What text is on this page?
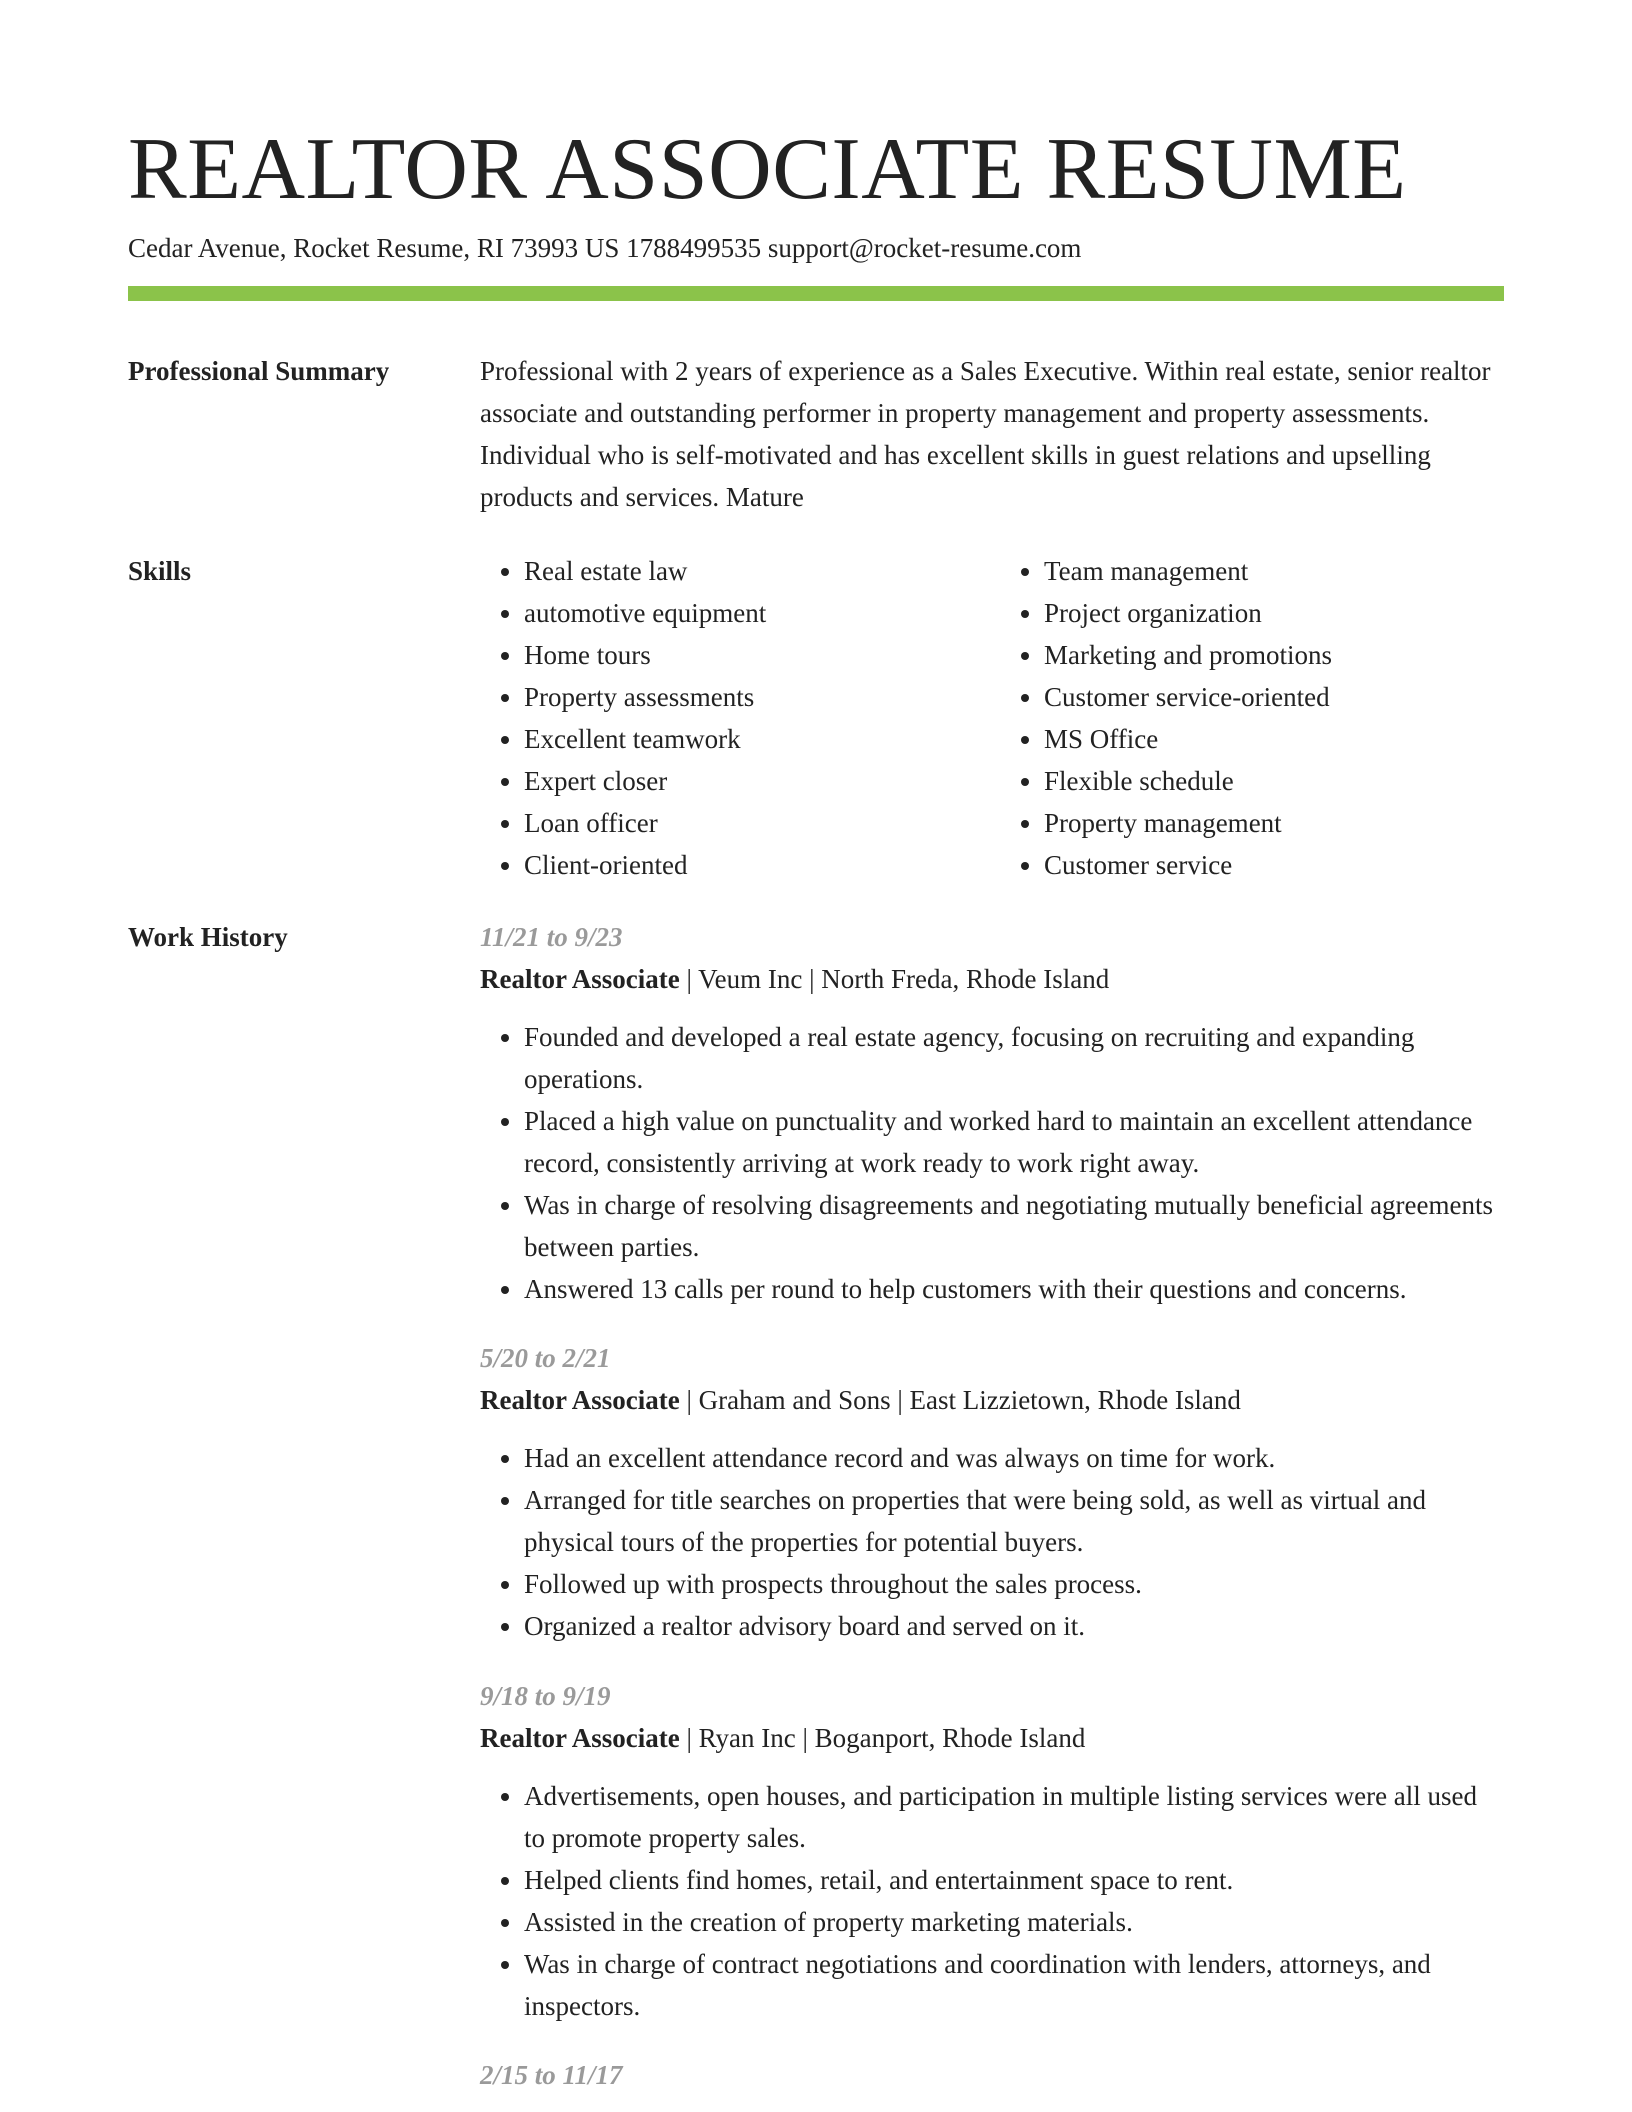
REALTOR ASSOCIATE RESUME
Cedar Avenue, Rocket Resume, RI 73993 US 1788499535 support@rocket-resume.com
Professional Summary	Professional with 2 years of experience as a Sales Executive. Within real estate, senior realtor associate and outstanding performer in property management and property assessments. Individual who is self-motivated and has excellent skills in guest relations and upselling products and services. Mature
Skills
•	Real estate law
• automotive equipment
• Home tours
• Property assessments
• Excellent teamwork
• Expert closer
• Loan officer
• Client-oriented
• Team management
• Project organization
• Marketing and promotions
• Customer service-oriented
• MS Office
• Flexible schedule
• Property management
• Customer service
Work History	11/21 to 9/23
Realtor Associate | Veum Inc | North Freda, Rhode Island
• Founded and developed a real estate agency, focusing on recruiting and expanding operations.
• Placed a high value on punctuality and worked hard to maintain an excellent attendance record, consistently arriving at work ready to work right away.
• Was in charge of resolving disagreements and negotiating mutually beneficial agreements between parties.
• Answered 13 calls per round to help customers with their questions and concerns.
5/20 to 2/21
Realtor Associate | Graham and Sons | East Lizzietown, Rhode Island
• Had an excellent attendance record and was always on time for work.
• Arranged for title searches on properties that were being sold, as well as virtual and physical tours of the properties for potential buyers.
• Followed up with prospects throughout the sales process.
• Organized a realtor advisory board and served on it.
9/18 to 9/19
Realtor Associate | Ryan Inc | Boganport, Rhode Island
• Advertisements, open houses, and participation in multiple listing services were all used to promote property sales.
• Helped clients find homes, retail, and entertainment space to rent.
• Assisted in the creation of property marketing materials.
• Was in charge of contract negotiations and coordination with lenders, attorneys, and inspectors.
2/15 to 11/17
